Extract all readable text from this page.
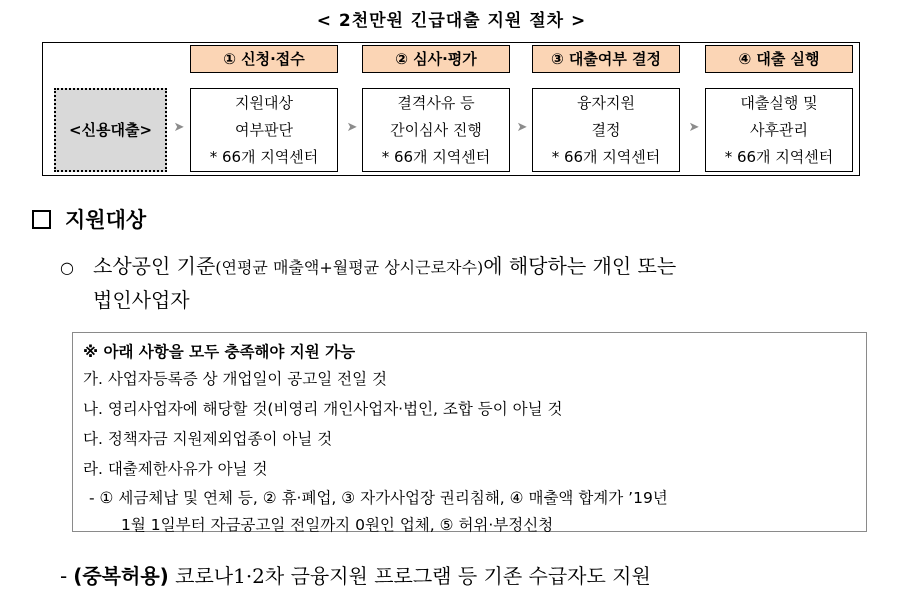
< 2천만원 긴급대출 지원 절차 >
<신용대출>
① 신청·접수	② 심사·평가	③ 대출여부 결정	④ 대출 실행
지원대상
여부판단
* 66개 지역센터
결격사유 등
간이심사 진행
* 66개 지역센터
융자지원
결정
* 66개 지역센터
대출실행 및
사후관리
* 66개 지역센터
➤	➤	➤	➤
지원대상
○ 소상공인 기준(연평균 매출액+월평균 상시근로자수)에 해당하는 개인 또는
법인사업자
※ 아래 사항을 모두 충족해야 지원 가능
가. 사업자등록증 상 개업일이 공고일 전일 것
나. 영리사업자에 해당할 것(비영리 개인사업자·법인, 조합 등이 아닐 것
다. 정책자금 지원제외업종이 아닐 것
라. 대출제한사유가 아닐 것
- ① 세금체납 및 연체 등, ② 휴·폐업, ③ 자가사업장 권리침해, ④ 매출액 합계가 ’19년
1월 1일부터 자금공고일 전일까지 0원인 업체, ⑤ 허위·부정신청
- (중복허용) 코로나1·2차 금융지원 프로그램 등 기존 수급자도 지원
